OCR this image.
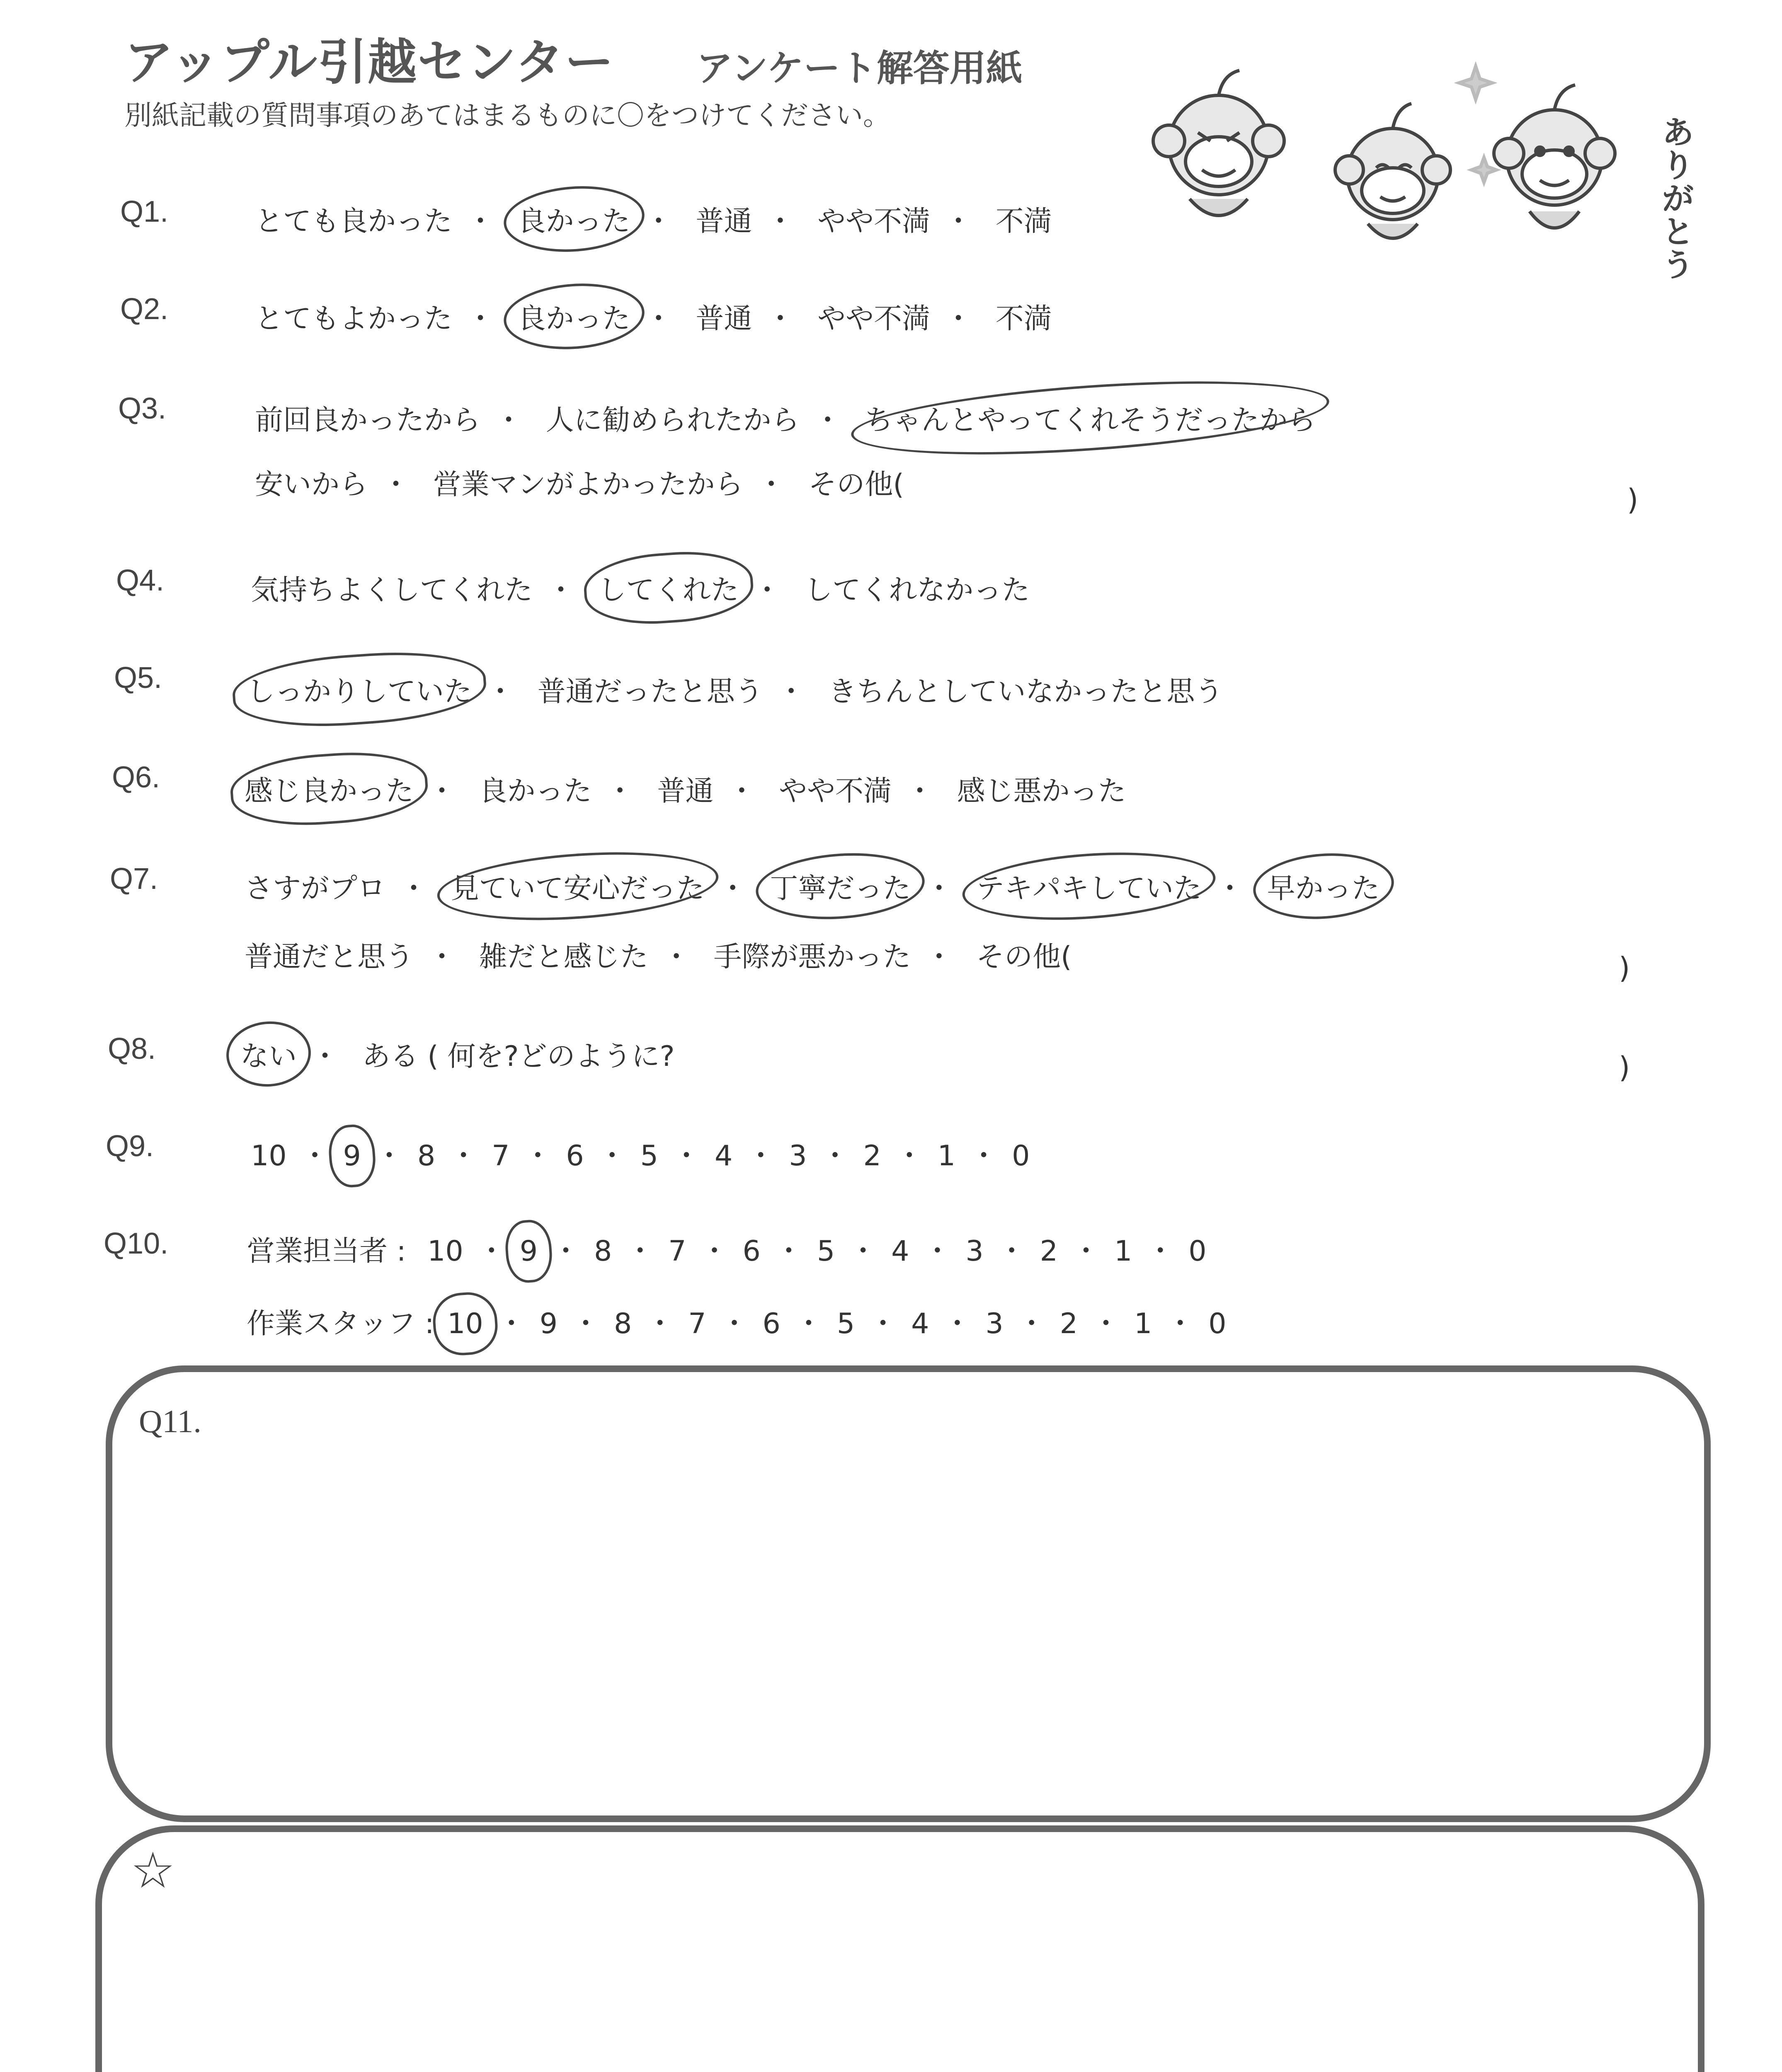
アップル引越センター アンケート解答用紙
別紙記載の質問事項のあてはまるものに〇をつけてください。	ありがとう
Q1.	とても良かった ・ 良かった ・ 普通 ・ やや不満 ・ 不満
Q2.	とてもよかった ・ 良かった ・ 普通 ・ やや不満 ・ 不満
Q3.	前回良かったから ・ 人に勧められたから ・ ちゃんとやってくれそうだったから
安いから ・ 営業マンがよかったから ・ その他(	)
Q4.	気持ちよくしてくれた ・ してくれた ・ してくれなかった
Q5.	しっかりしていた ・ 普通だったと思う ・ きちんとしていなかったと思う
Q6.	感じ良かった ・ 良かった ・ 普通 ・ やや不満 ・ 感じ悪かった
Q7.	さすがプロ ・ 見ていて安心だった ・ 丁寧だった ・ テキパキしていた ・ 早かった
普通だと思う ・ 雑だと感じた ・ 手際が悪かった ・ その他(	)
Q8.	ない ・ ある ( 何を?どのように?	)
Q9.	10 ・ 9 ・ 8 ・ 7 ・ 6 ・ 5 ・ 4 ・ 3 ・ 2 ・ 1 ・ 0
Q10.	営業担当者 : 10 ・ 9 ・ 8 ・ 7 ・ 6 ・ 5 ・ 4 ・ 3 ・ 2 ・ 1 ・ 0
作業スタッフ : 10 ・ 9 ・ 8 ・ 7 ・ 6 ・ 5 ・ 4 ・ 3 ・ 2 ・ 1 ・ 0
Q11.
☆
